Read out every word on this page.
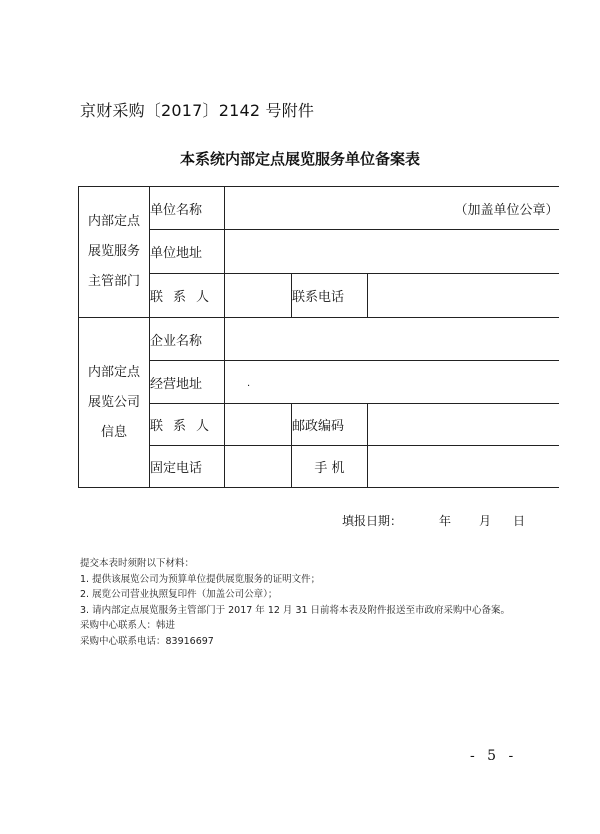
京财采购〔2017〕2142 号附件
本系统内部定点展览服务单位备案表
内部定点
展览服务
主管部门	单位名称	（加盖单位公章）		
	单位地址			
	联系人		联系电话	

内部定点
展览公司
信息	企业名称			
	经营地址	.		
	联系人		邮政编码	
	固定电话		手 机	
填报日期：	年 月 日
提交本表时须附以下材料：
1. 提供该展览公司为预算单位提供展览服务的证明文件；
2. 展览公司营业执照复印件（加盖公司公章）；
3. 请内部定点展览服务主管部门于 2017 年 12 月 31 日前将本表及附件报送至市政府采购中心备案。
采购中心联系人：韩进
采购中心联系电话：83916697
- 5 -
